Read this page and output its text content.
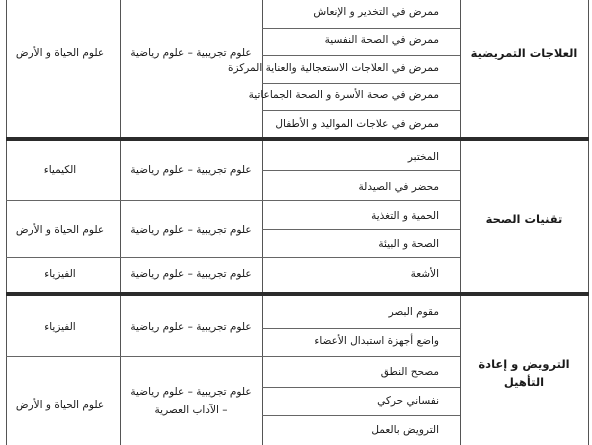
العلاجات التمريضية
علوم تجريبية – علوم رياضية
علوم الحياة و الأرض
ممرض في التخدير و الإنعاش
ممرض في الصحة النفسية
ممرض في العلاجات الاستعجالية والعناية المركزة
ممرض في صحة الأسرة و الصحة الجماعاتية
ممرض في علاجات المواليد و الأطفال
تقنيات الصحة
علوم تجريبية – علوم رياضية
الكيمياء
المختبر
محضر في الصيدلة
علوم تجريبية – علوم رياضية
علوم الحياة و الأرض
الحمية و التغذية
الصحة و البيئة
علوم تجريبية – علوم رياضية
الفيزياء	الأشعة
الترويض و إعادة التأهيل
علوم تجريبية – علوم رياضية
الفيزياء
مقوم البصر
واضع أجهزة استبدال الأعضاء
علوم تجريبية – علوم رياضية – الآداب العصرية
علوم الحياة و الأرض
مصحح النطق
نفساني حركي
الترويض بالعمل
